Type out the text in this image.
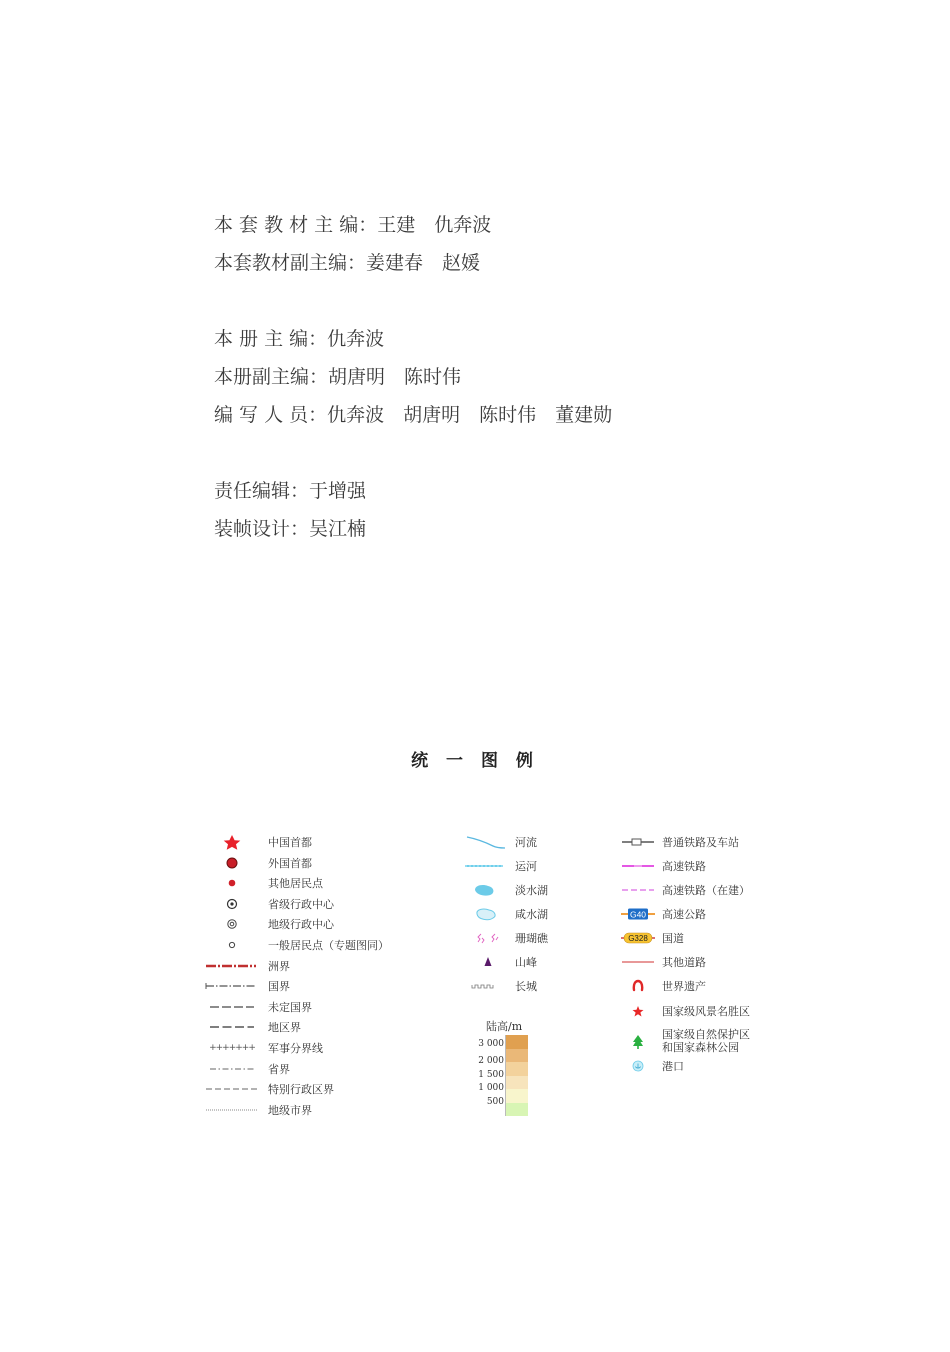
本 套 教 材 主 编：王建　仇奔波
本套教材副主编：姜建春　赵媛
本 册 主 编：仇奔波
本册副主编：胡唐明　陈时伟
编 写 人 员：仇奔波　胡唐明　陈时伟　董建勋
责任编辑：于增强
装帧设计：吴江楠
统 一 图 例
中国首都
外国首都
其他居民点
省级行政中心
地级行政中心
一般居民点（专题图同）
洲界
国界
未定国界
地区界
+++++++	军事分界线
省界
特别行政区界
地级市界
河流
运河
淡水湖
咸水湖
珊瑚礁
山峰
长城
陆高/m
3 000
2 000
1 500
1 000
500
普通铁路及车站
高速铁路
高速铁路（在建）
G40 高速公路
G328 国道
其他道路
世界遗产
国家级风景名胜区
国家级自然保护区
和国家森林公园
港口
